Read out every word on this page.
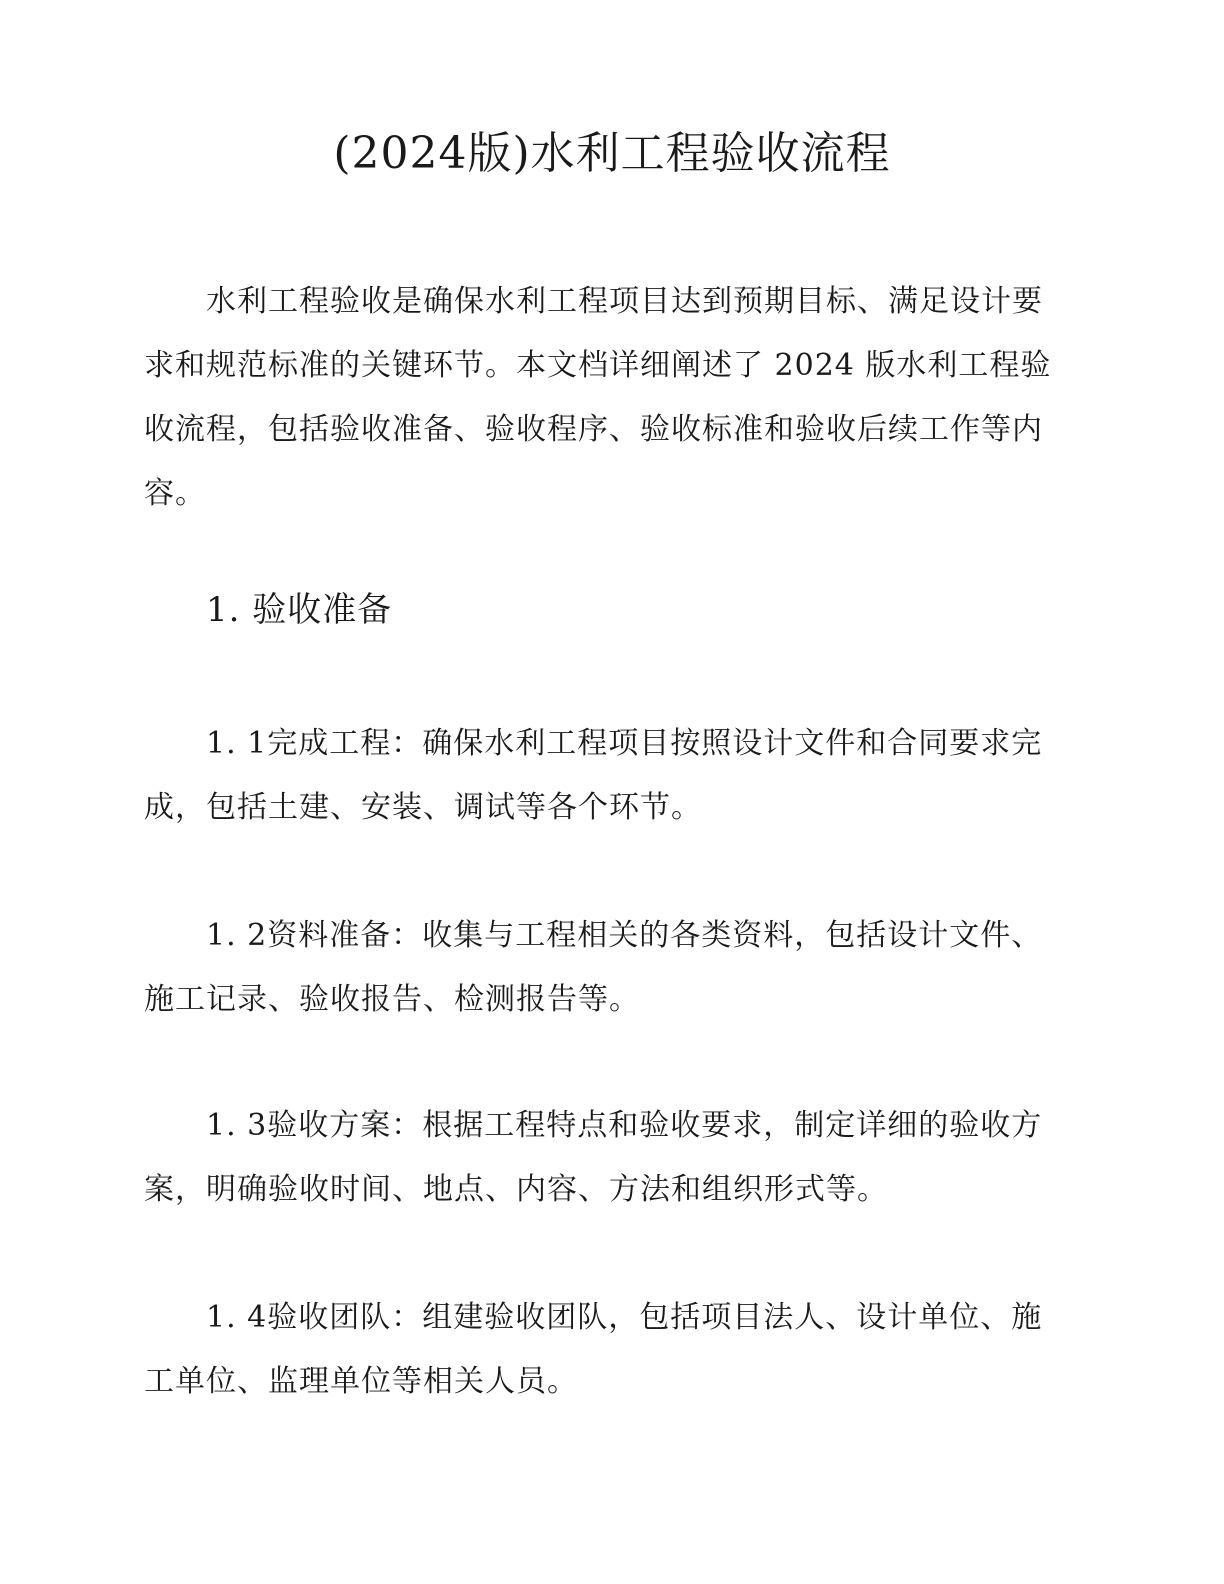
(2024版)水利工程验收流程

水利工程验收是确保水利工程项目达到预期目标、满足设计要求和规范标准的关键环节。本文档详细阐述了 2024 版水利工程验收流程，包括验收准备、验收程序、验收标准和验收后续工作等内容。

1. 验收准备

1. 1完成工程：确保水利工程项目按照设计文件和合同要求完成，包括土建、安装、调试等各个环节。

1. 2资料准备：收集与工程相关的各类资料，包括设计文件、施工记录、验收报告、检测报告等。

1. 3验收方案：根据工程特点和验收要求，制定详细的验收方案，明确验收时间、地点、内容、方法和组织形式等。

1. 4验收团队：组建验收团队，包括项目法人、设计单位、施工单位、监理单位等相关人员。
